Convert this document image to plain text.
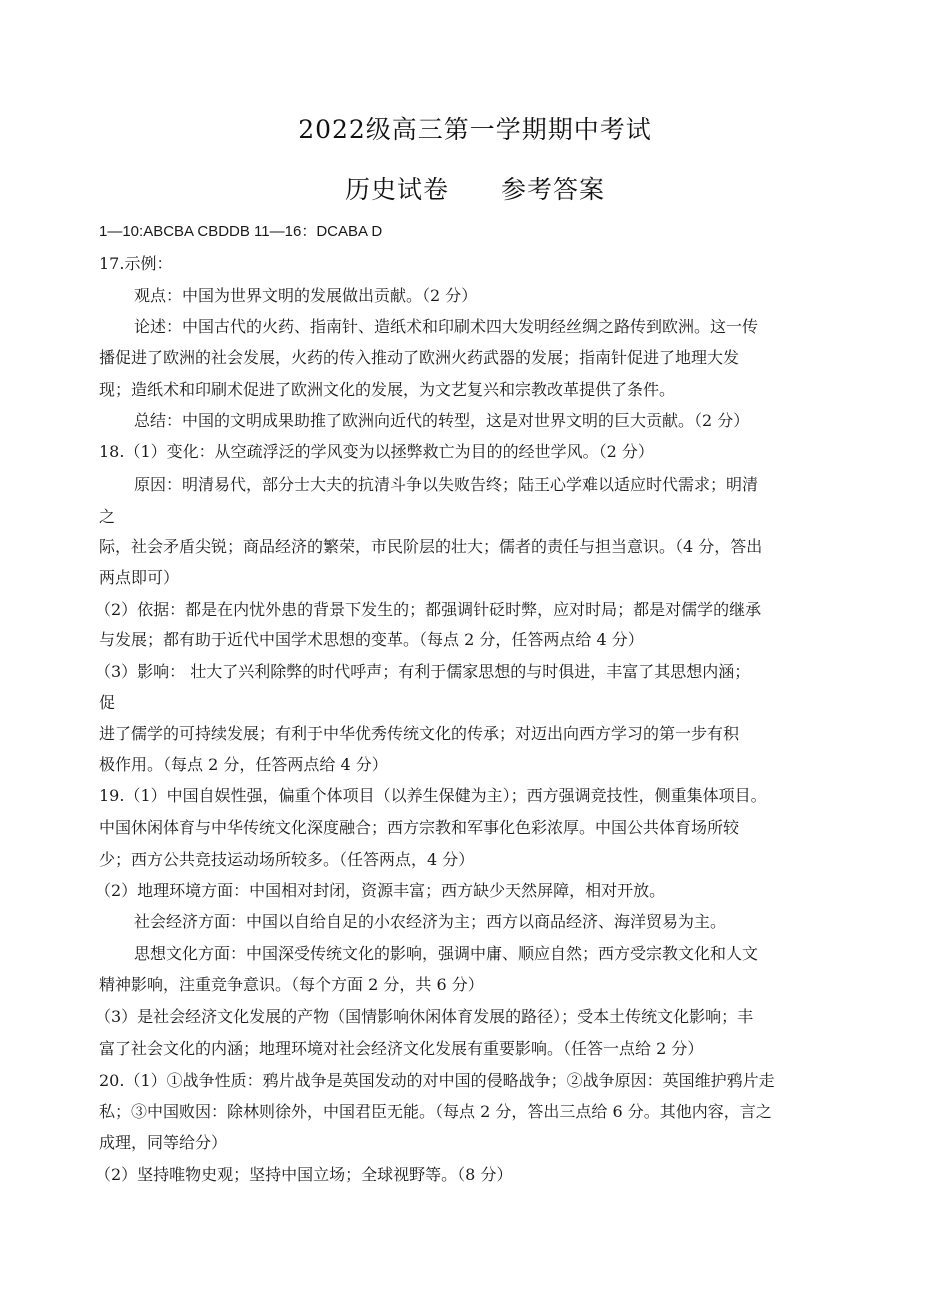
2022级高三第一学期期中考试
历史试卷 参考答案
1—10:ABCBA CBDDB 11—16：DCABA D
17.示例：
观点：中国为世界文明的发展做出贡献。（2 分）
论述：中国古代的火药、指南针、造纸术和印刷术四大发明经丝绸之路传到欧洲。这一传
播促进了欧洲的社会发展，火药的传入推动了欧洲火药武器的发展；指南针促进了地理大发
现；造纸术和印刷术促进了欧洲文化的发展，为文艺复兴和宗教改革提供了条件。
总结：中国的文明成果助推了欧洲向近代的转型，这是对世界文明的巨大贡献。（2 分）
18.（1）变化：从空疏浮泛的学风变为以拯弊救亡为目的的经世学风。（2 分）
原因：明清易代，部分士大夫的抗清斗争以失败告终；陆王心学难以适应时代需求；明清
之
际，社会矛盾尖锐；商品经济的繁荣，市民阶层的壮大；儒者的责任与担当意识。（4 分，答出
两点即可）
（2）依据：都是在内忧外患的背景下发生的；都强调针砭时弊，应对时局；都是对儒学的继承
与发展；都有助于近代中国学术思想的变革。（每点 2 分，任答两点给 4 分）
（3）影响： 壮大了兴利除弊的时代呼声；有利于儒家思想的与时俱进，丰富了其思想内涵；
促
进了儒学的可持续发展；有利于中华优秀传统文化的传承；对迈出向西方学习的第一步有积
极作用。（每点 2 分，任答两点给 4 分）
19.（1）中国自娱性强，偏重个体项目（以养生保健为主）；西方强调竞技性，侧重集体项目。
中国休闲体育与中华传统文化深度融合；西方宗教和军事化色彩浓厚。中国公共体育场所较
少；西方公共竞技运动场所较多。（任答两点，4 分）
（2）地理环境方面：中国相对封闭，资源丰富；西方缺少天然屏障，相对开放。
社会经济方面：中国以自给自足的小农经济为主；西方以商品经济、海洋贸易为主。
思想文化方面：中国深受传统文化的影响，强调中庸、顺应自然；西方受宗教文化和人文
精神影响，注重竞争意识。（每个方面 2 分，共 6 分）
（3）是社会经济文化发展的产物（国情影响休闲体育发展的路径）；受本土传统文化影响；丰
富了社会文化的内涵；地理环境对社会经济文化发展有重要影响。（任答一点给 2 分）
20.（1）①战争性质：鸦片战争是英国发动的对中国的侵略战争；②战争原因：英国维护鸦片走
私；③中国败因：除林则徐外，中国君臣无能。（每点 2 分，答出三点给 6 分。其他内容，言之
成理，同等给分）
（2）坚持唯物史观；坚持中国立场；全球视野等。（8 分）
